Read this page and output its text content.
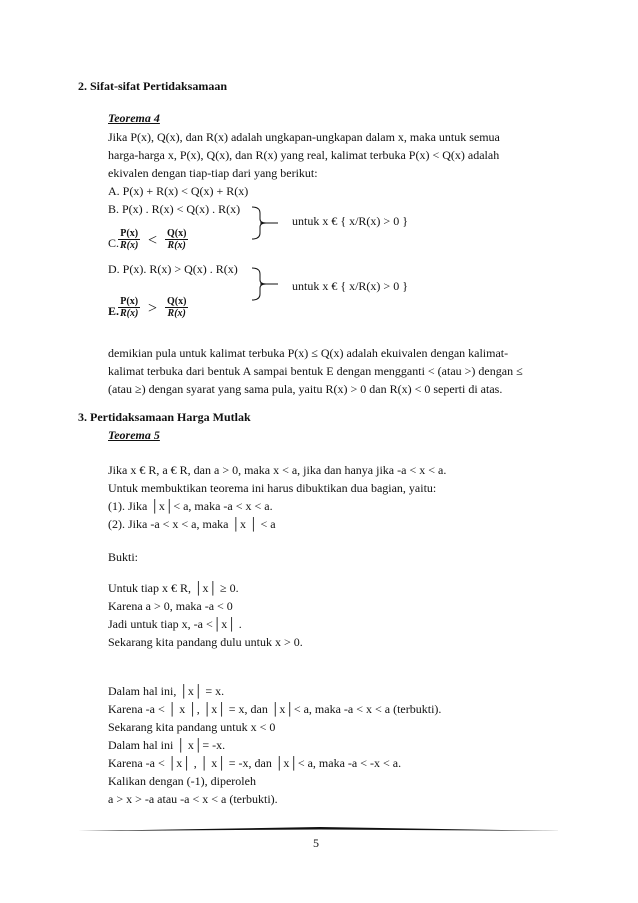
2. Sifat-sifat Pertidaksamaan
Teorema 4
Jika P(x), Q(x), dan R(x) adalah ungkapan-ungkapan dalam x, maka untuk semua
harga-harga x, P(x), Q(x), dan R(x) yang real, kalimat terbuka P(x) < Q(x) adalah
ekivalen dengan tiap-tiap dari yang berikut:
A. P(x) + R(x) < Q(x) + R(x)
B. P(x) . R(x) < Q(x) . R(x)
untuk x € { x/R(x) > 0 }
C.
$\frac{P(x)}{R(x)} < \frac{Q(x)}{R(x)}$
D. P(x). R(x) > Q(x) . R(x)
untuk x € { x/R(x) > 0 }
E.
$\frac{P(x)}{R(x)} > \frac{Q(x)}{R(x)}$
demikian pula untuk kalimat terbuka P(x) ≤ Q(x) adalah ekuivalen dengan kalimat-
kalimat terbuka dari bentuk A sampai bentuk E dengan mengganti < (atau >) dengan ≤
(atau ≥) dengan syarat yang sama pula, yaitu R(x) > 0 dan R(x) < 0 seperti di atas.
3. Pertidaksamaan Harga Mutlak
Teorema 5
Jika x € R, a € R, dan a > 0, maka x < a, jika dan hanya jika -a < x < a.
Untuk membuktikan teorema ini harus dibuktikan dua bagian, yaitu:
(1). Jika │x│< a, maka -a < x < a.
(2). Jika -a < x < a, maka │x │ < a
Bukti:
Untuk tiap x € R, │x│ ≥ 0.
Karena a > 0, maka -a < 0
Jadi untuk tiap x, -a <│x│ .
Sekarang kita pandang dulu untuk x > 0.
Dalam hal ini, │x│ = x.
Karena -a < │ x │, │x│ = x, dan │x│< a, maka -a < x < a (terbukti).
Sekarang kita pandang untuk x < 0
Dalam hal ini │ x│= -x.
Karena -a < │x│ , │ x│ = -x, dan │x│< a, maka -a < -x < a.
Kalikan dengan (-1), diperoleh
a > x > -a atau -a < x < a (terbukti).
5
